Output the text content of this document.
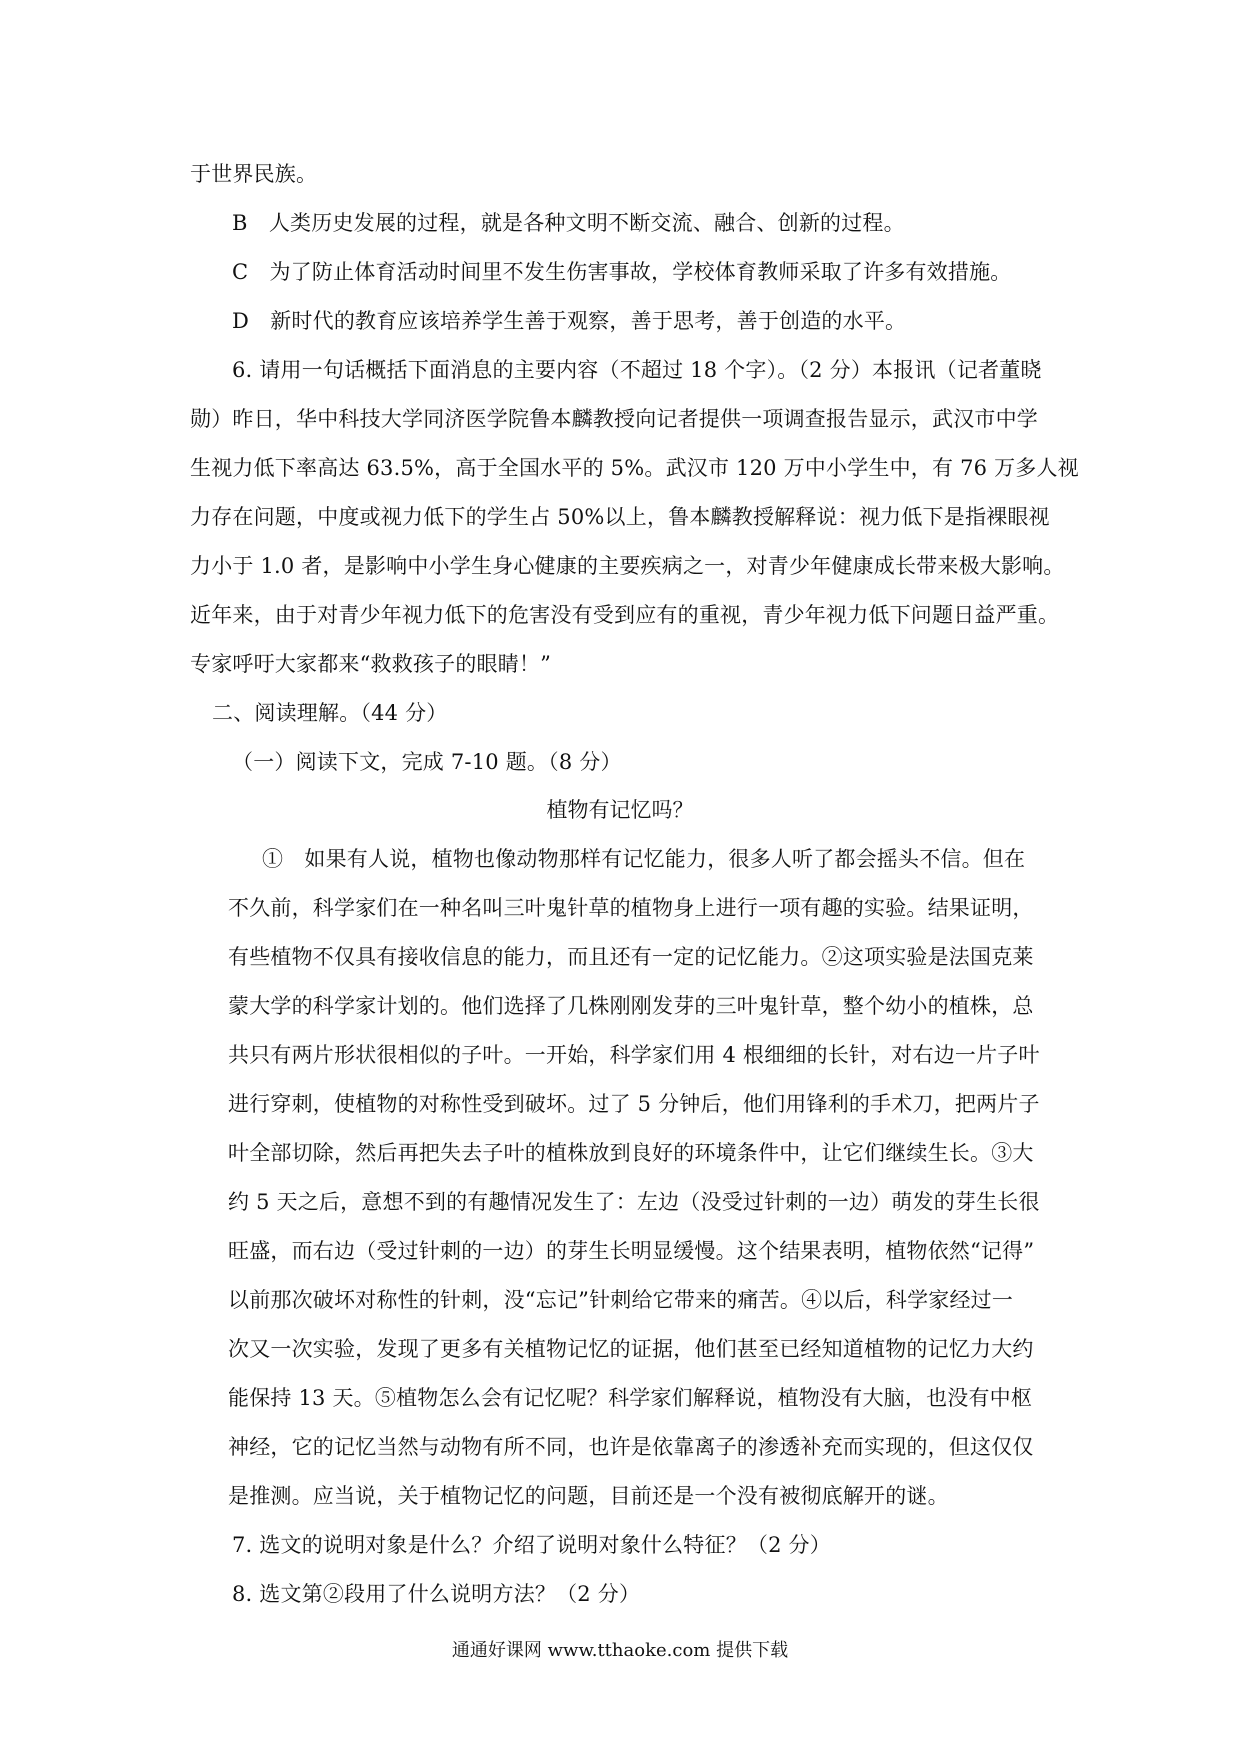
于世界民族。

B　人类历史发展的过程，就是各种文明不断交流、融合、创新的过程。

C　为了防止体育活动时间里不发生伤害事故，学校体育教师采取了许多有效措施。

D　新时代的教育应该培养学生善于观察，善于思考，善于创造的水平。

6. 请用一句话概括下面消息的主要内容（不超过 18 个字）。（2 分）本报讯（记者董晓

勋）昨日，华中科技大学同济医学院鲁本麟教授向记者提供一项调查报告显示，武汉市中学

生视力低下率高达 63.5%，高于全国水平的 5%。武汉市 120 万中小学生中，有 76 万多人视

力存在问题，中度或视力低下的学生占 50%以上，鲁本麟教授解释说：视力低下是指裸眼视

力小于 1.0 者，是影响中小学生身心健康的主要疾病之一，对青少年健康成长带来极大影响。

近年来，由于对青少年视力低下的危害没有受到应有的重视，青少年视力低下问题日益严重。

专家呼吁大家都来“救救孩子的眼睛！”

二、阅读理解。（44 分）

（一）阅读下文，完成 7-10 题。（8 分）

植物有记忆吗？

①　如果有人说，植物也像动物那样有记忆能力，很多人听了都会摇头不信。但在

不久前，科学家们在一种名叫三叶鬼针草的植物身上进行一项有趣的实验。结果证明，

有些植物不仅具有接收信息的能力，而且还有一定的记忆能力。②这项实验是法国克莱

蒙大学的科学家计划的。他们选择了几株刚刚发芽的三叶鬼针草，整个幼小的植株，总

共只有两片形状很相似的子叶。一开始，科学家们用 4 根细细的长针，对右边一片子叶

进行穿刺，使植物的对称性受到破坏。过了 5 分钟后，他们用锋利的手术刀，把两片子

叶全部切除，然后再把失去子叶的植株放到良好的环境条件中，让它们继续生长。③大

约 5 天之后，意想不到的有趣情况发生了：左边（没受过针刺的一边）萌发的芽生长很

旺盛，而右边（受过针刺的一边）的芽生长明显缓慢。这个结果表明，植物依然“记得”

以前那次破坏对称性的针刺，没“忘记”针刺给它带来的痛苦。④以后，科学家经过一

次又一次实验，发现了更多有关植物记忆的证据，他们甚至已经知道植物的记忆力大约

能保持 13 天。⑤植物怎么会有记忆呢？科学家们解释说，植物没有大脑，也没有中枢

神经，它的记忆当然与动物有所不同，也许是依靠离子的渗透补充而实现的，但这仅仅

是推测。应当说，关于植物记忆的问题，目前还是一个没有被彻底解开的谜。

7. 选文的说明对象是什么？介绍了说明对象什么特征？（2 分）

8. 选文第②段用了什么说明方法？（2 分）

通通好课网 www.tthaoke.com 提供下载
